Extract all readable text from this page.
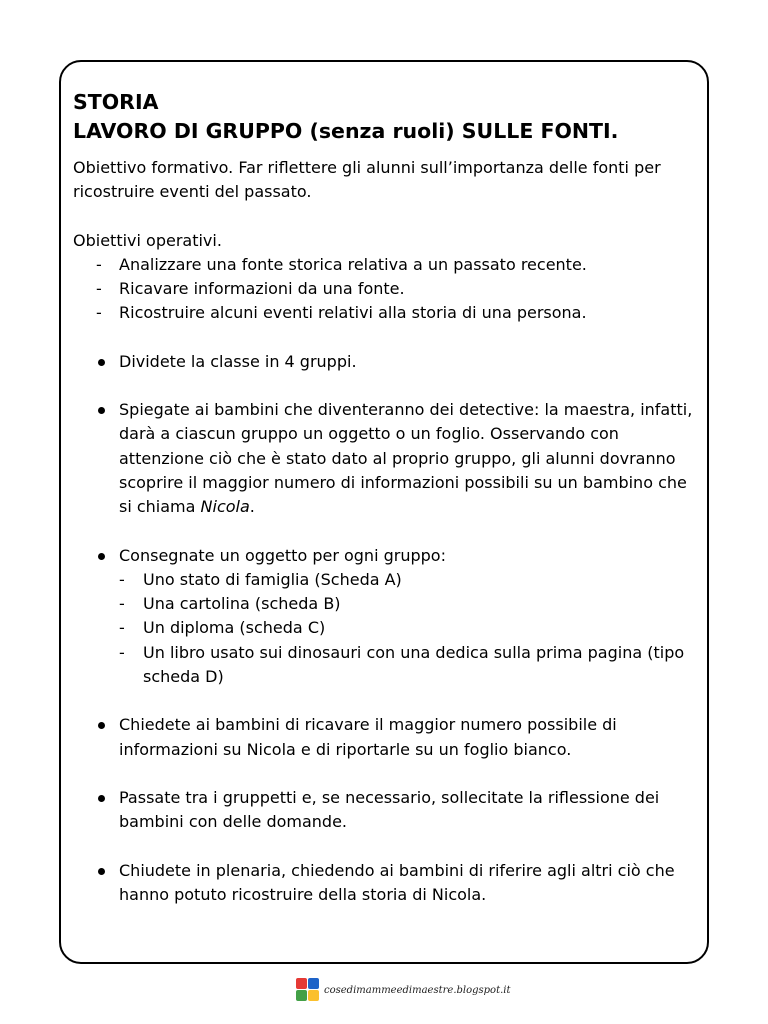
STORIA
LAVORO DI GRUPPO (senza ruoli) SULLE FONTI.

Obiettivo formativo. Far riflettere gli alunni sull’importanza delle fonti per ricostruire eventi del passato.

Obiettivi operativi.
- Analizzare una fonte storica relativa a un passato recente.
- Ricavare informazioni da una fonte.
- Ricostruire alcuni eventi relativi alla storia di una persona.
Dividete la classe in 4 gruppi.
Spiegate ai bambini che diventeranno dei detective: la maestra, infatti, darà a ciascun gruppo un oggetto o un foglio. Osservando con attenzione ciò che è stato dato al proprio gruppo, gli alunni dovranno scoprire il maggior numero di informazioni possibili su un bambino che si chiama Nicola.
Consegnate un oggetto per ogni gruppo:
- Uno stato di famiglia (Scheda A)
- Una cartolina (scheda B)
- Un diploma (scheda C)
- Un libro usato sui dinosauri con una dedica sulla prima pagina (tipo scheda D)
Chiedete ai bambini di ricavare il maggior numero possibile di informazioni su Nicola e di riportarle su un foglio bianco.
Passate tra i gruppetti e, se necessario, sollecitate la riflessione dei bambini con delle domande.
Chiudete in plenaria, chiedendo ai bambini di riferire agli altri ciò che hanno potuto ricostruire della storia di Nicola.
cosedimammeedimaestre.blogspot.it
